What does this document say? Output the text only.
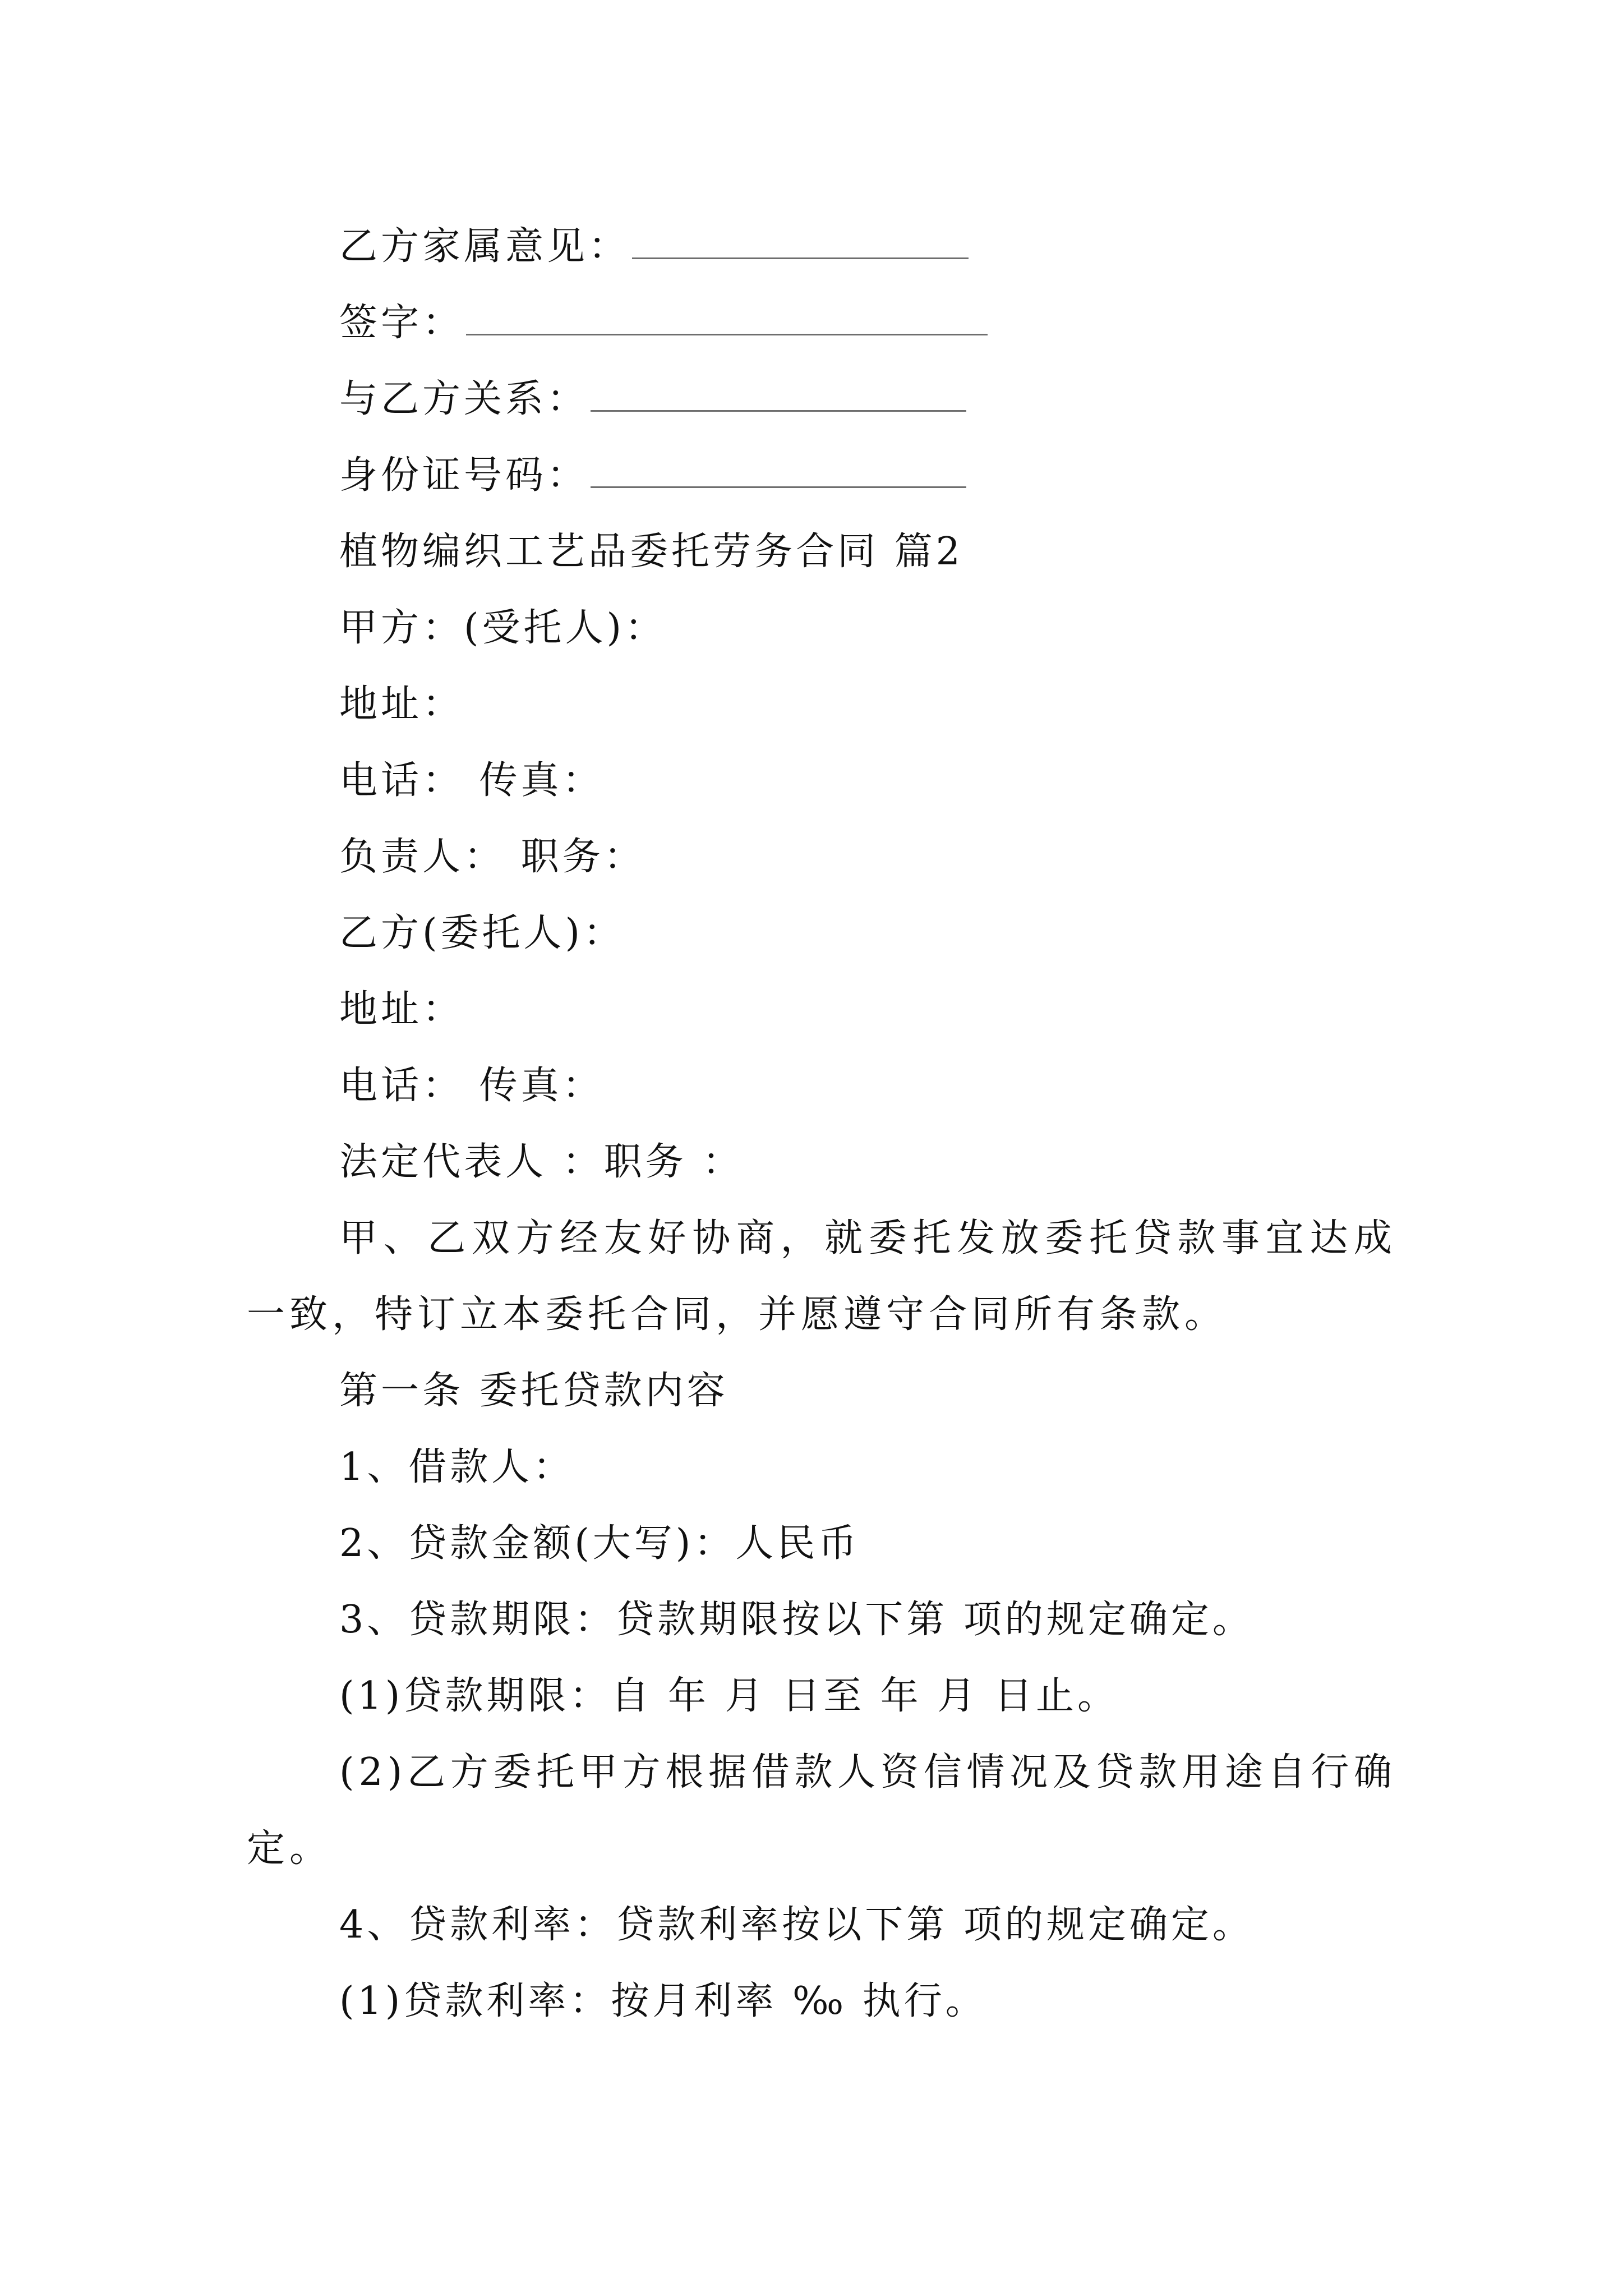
乙方家属意见：
签字：
与乙方关系：
身份证号码：
植物编织工艺品委托劳务合同 篇2
甲方：(受托人)：
地址：
电话： 传真：
负责人： 职务：
乙方(委托人)：
地址：
电话： 传真：
法定代表人 ：职务 ：
甲、乙双方经友好协商，就委托发放委托贷款事宜达成一致，特订立本委托合同，并愿遵守合同所有条款。
第一条 委托贷款内容
1、借款人：
2、贷款金额(大写)：人民币
3、贷款期限：贷款期限按以下第 项的规定确定。
(1)贷款期限：自 年 月 日至 年 月 日止。
(2)乙方委托甲方根据借款人资信情况及贷款用途自行确定。
4、贷款利率：贷款利率按以下第 项的规定确定。
(1)贷款利率：按月利率 ‰ 执行。
